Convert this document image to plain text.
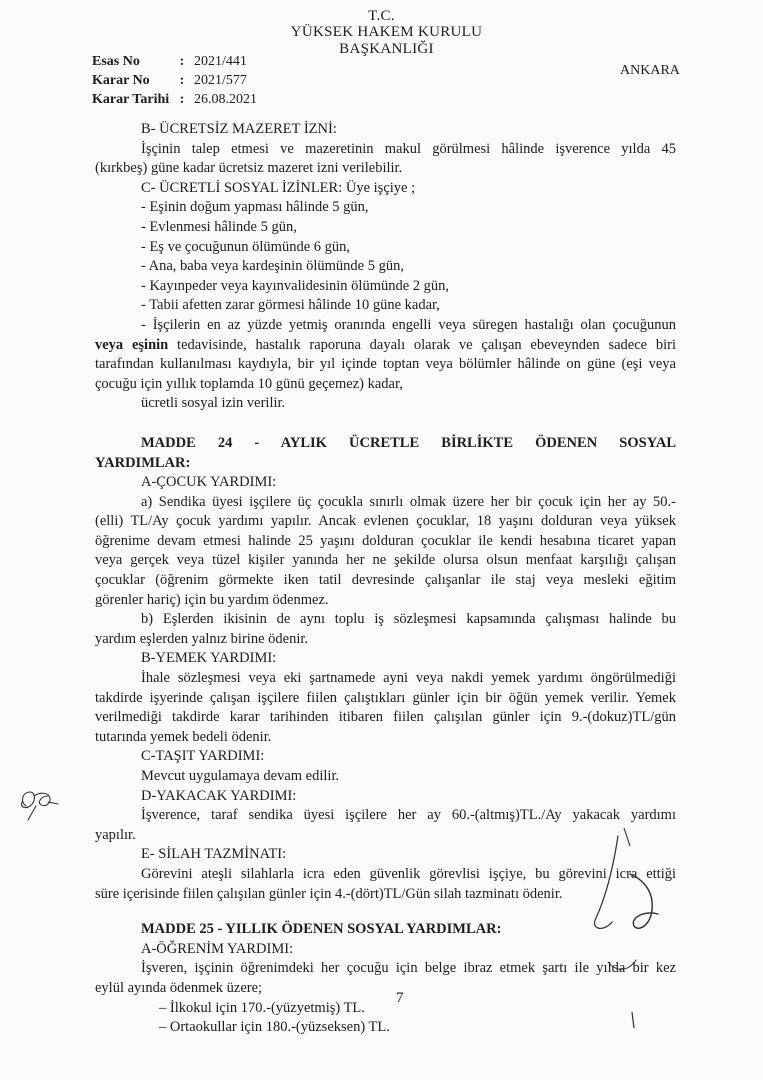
T.C.
YÜKSEK HAKEM KURULU
BAŞKANLIĞI
Esas No	: 2021/441
Karar No	: 2021/577
Karar Tarihi : 26.08.2021
ANKARA

B- ÜCRETSİZ MAZERET İZNİ:

İşçinin talep etmesi ve mazeretinin makul görülmesi hâlinde işverence yılda 45

(kırkbeş) güne kadar ücretsiz mazeret izni verilebilir.

C- ÜCRETLİ SOSYAL İZİNLER: Üye işçiye ;

- Eşinin doğum yapması hâlinde 5 gün,

- Evlenmesi hâlinde 5 gün,

- Eş ve çocuğunun ölümünde 6 gün,

- Ana, baba veya kardeşinin ölümünde 5 gün,

- Kayınpeder veya kayınvalidesinin ölümünde 2 gün,

- Tabii afetten zarar görmesi hâlinde 10 güne kadar,

- İşçilerin en az yüzde yetmiş oranında engelli veya süregen hastalığı olan çocuğunun

veya eşinin tedavisinde, hastalık raporuna dayalı olarak ve çalışan ebeveynden sadece biri

tarafından kullanılması kaydıyla, bir yıl içinde toptan veya bölümler hâlinde on güne (eşi veya

çocuğu için yıllık toplamda 10 günü geçemez) kadar,

ücretli sosyal izin verilir.

MADDE 24 - AYLIK ÜCRETLE BİRLİKTE ÖDENEN SOSYAL

YARDIMLAR:

A-ÇOCUK YARDIMI:

a) Sendika üyesi işçilere üç çocukla sınırlı olmak üzere her bir çocuk için her ay 50.-

(elli) TL/Ay çocuk yardımı yapılır. Ancak evlenen çocuklar, 18 yaşını dolduran veya yüksek

öğrenime devam etmesi halinde 25 yaşını dolduran çocuklar ile kendi hesabına ticaret yapan

veya gerçek veya tüzel kişiler yanında her ne şekilde olursa olsun menfaat karşılığı çalışan

çocuklar (öğrenim görmekte iken tatil devresinde çalışanlar ile staj veya mesleki eğitim

görenler hariç) için bu yardım ödenmez.

b) Eşlerden ikisinin de aynı toplu iş sözleşmesi kapsamında çalışması halinde bu

yardım eşlerden yalnız birine ödenir.

B-YEMEK YARDIMI:

İhale sözleşmesi veya eki şartnamede ayni veya nakdi yemek yardımı öngörülmediği

takdirde işyerinde çalışan işçilere fiilen çalıştıkları günler için bir öğün yemek verilir. Yemek

verilmediği takdirde karar tarihinden itibaren fiilen çalışılan günler için 9.-(dokuz)TL/gün

tutarında yemek bedeli ödenir.

C-TAŞIT YARDIMI:

Mevcut uygulamaya devam edilir.

D-YAKACAK YARDIMI:

İşverence, taraf sendika üyesi işçilere her ay 60.-(altmış)TL./Ay yakacak yardımı

yapılır.

E- SİLAH TAZMİNATI:

Görevini ateşli silahlarla icra eden güvenlik görevlisi işçiye, bu görevini icra ettiği

süre içerisinde fiilen çalışılan günler için 4.-(dört)TL/Gün silah tazminatı ödenir.

MADDE 25 - YILLIK ÖDENEN SOSYAL YARDIMLAR:

A-ÖĞRENİM YARDIMI:

İşveren, işçinin öğrenimdeki her çocuğu için belge ibraz etmek şartı ile yılda bir kez

eylül ayında ödenmek üzere;

– İlkokul için 170.-(yüzyetmiş) TL.

– Ortaokullar için 180.-(yüzseksen) TL.

7
